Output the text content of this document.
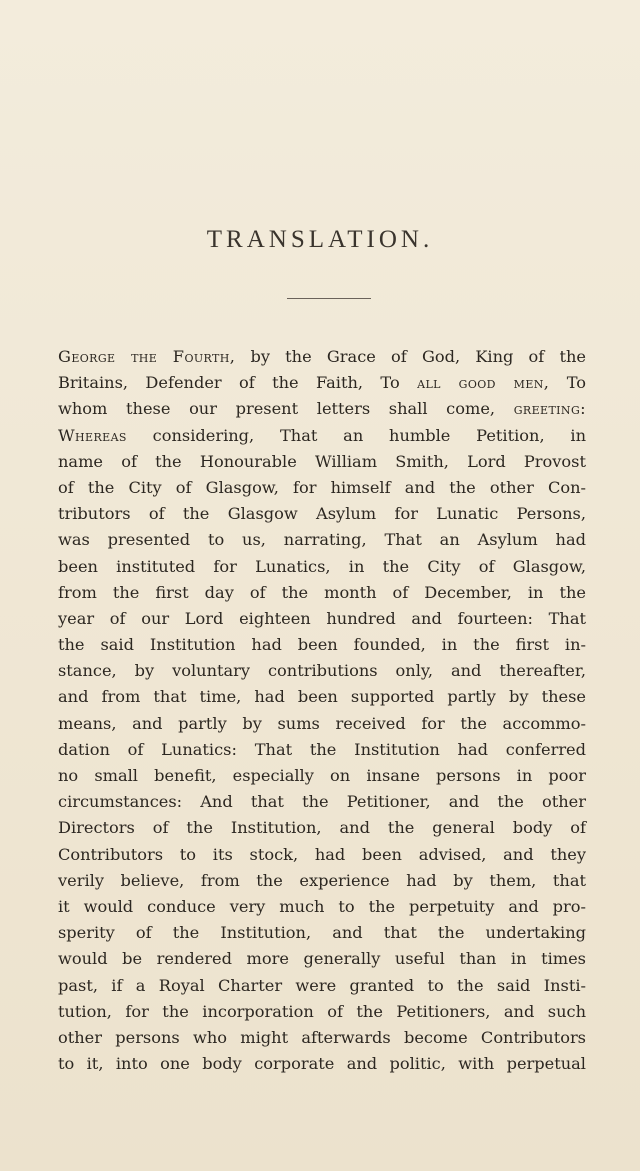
TRANSLATION.
George the Fourth, by the Grace of God, King of the
Britains, Defender of the Faith, To all good men, To
whom these our present letters shall come, greeting:
Whereas considering, That an humble Petition, in
name of the Honourable William Smith, Lord Provost
of the City of Glasgow, for himself and the other Con-
tributors of the Glasgow Asylum for Lunatic Persons,
was presented to us, narrating, That an Asylum had
been instituted for Lunatics, in the City of Glasgow,
from the first day of the month of December, in the
year of our Lord eighteen hundred and fourteen: That
the said Institution had been founded, in the first in-
stance, by voluntary contributions only, and thereafter,
and from that time, had been supported partly by these
means, and partly by sums received for the accommo-
dation of Lunatics: That the Institution had conferred
no small benefit, especially on insane persons in poor
circumstances: And that the Petitioner, and the other
Directors of the Institution, and the general body of
Contributors to its stock, had been advised, and they
verily believe, from the experience had by them, that
it would conduce very much to the perpetuity and pro-
sperity of the Institution, and that the undertaking
would be rendered more generally useful than in times
past, if a Royal Charter were granted to the said Insti-
tution, for the incorporation of the Petitioners, and such
other persons who might afterwards become Contributors
to it, into one body corporate and politic, with perpetual
